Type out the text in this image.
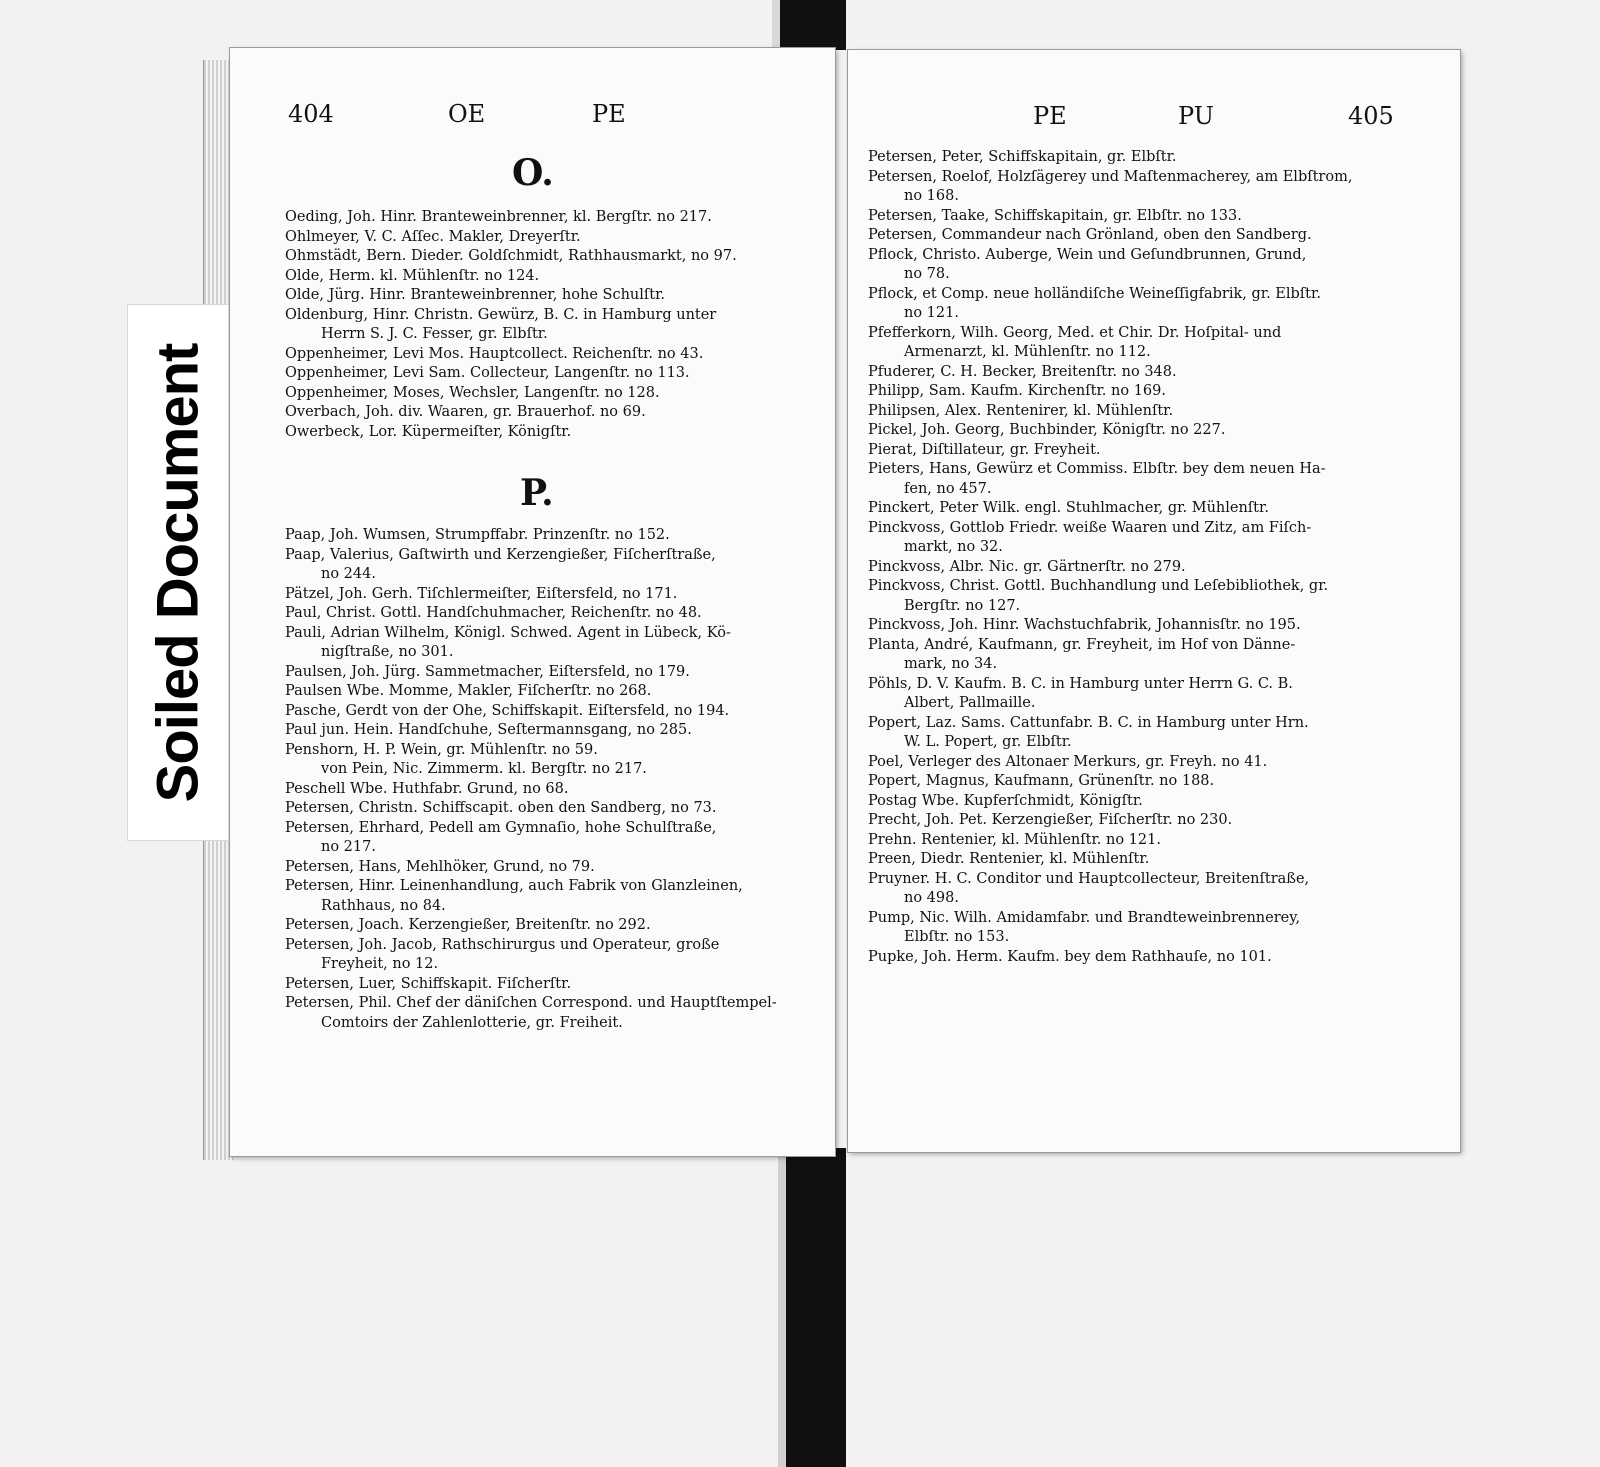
404	OE	PE
O.

Oeding, Joh. Hinr. Branteweinbrenner, kl. Bergſtr. no 217.

Ohlmeyer, V. C. Aſſec. Makler, Dreyerſtr.

Ohmstädt, Bern. Dieder. Goldſchmidt, Rathhausmarkt, no 97.

Olde, Herm. kl. Mühlenſtr. no 124.

Olde, Jürg. Hinr. Branteweinbrenner, hohe Schulſtr.

Oldenburg, Hinr. Christn. Gewürz, B. C. in Hamburg unter

Herrn S. J. C. Fesser, gr. Elbſtr.

Oppenheimer, Levi Mos. Hauptcollect. Reichenſtr. no 43.

Oppenheimer, Levi Sam. Collecteur, Langenſtr. no 113.

Oppenheimer, Moses, Wechsler, Langenſtr. no 128.

Overbach, Joh. div. Waaren, gr. Brauerhof. no 69.

Owerbeck, Lor. Küpermeiſter, Königſtr.

P.

Paap, Joh. Wumsen, Strumpffabr. Prinzenſtr. no 152.

Paap, Valerius, Gaſtwirth und Kerzengießer, Fiſcherſtraße,

no 244.

Pätzel, Joh. Gerh. Tiſchlermeiſter, Eiſtersfeld, no 171.

Paul, Christ. Gottl. Handſchuhmacher, Reichenſtr. no 48.

Pauli, Adrian Wilhelm, Königl. Schwed. Agent in Lübeck, Kö-

nigſtraße, no 301.

Paulsen, Joh. Jürg. Sammetmacher, Eiſtersfeld, no 179.

Paulsen Wbe. Momme, Makler, Fiſcherſtr. no 268.

Pasche, Gerdt von der Ohe, Schiffskapit. Eiſtersfeld, no 194.

Paul jun. Hein. Handſchuhe, Seſtermannsgang, no 285.

Penshorn, H. P. Wein, gr. Mühlenſtr. no 59.

von Pein, Nic. Zimmerm. kl. Bergſtr. no 217.

Peschell Wbe. Huthfabr. Grund, no 68.

Petersen, Christn. Schiffscapit. oben den Sandberg, no 73.

Petersen, Ehrhard, Pedell am Gymnaſio, hohe Schulſtraße,

no 217.

Petersen, Hans, Mehlhöker, Grund, no 79.

Petersen, Hinr. Leinenhandlung, auch Fabrik von Glanzleinen,

Rathhaus, no 84.

Petersen, Joach. Kerzengießer, Breitenſtr. no 292.

Petersen, Joh. Jacob, Rathschirurgus und Operateur, große

Freyheit, no 12.

Petersen, Luer, Schiffskapit. Fiſcherſtr.

Petersen, Phil. Chef der däniſchen Correspond. und Hauptſtempel-

Comtoirs der Zahlenlotterie, gr. Freiheit.

PE	PU	405

Petersen, Peter, Schiffskapitain, gr. Elbſtr.

Petersen, Roelof, Holzſägerey und Maſtenmacherey, am Elbſtrom,

no 168.

Petersen, Taake, Schiffskapitain, gr. Elbſtr. no 133.

Petersen, Commandeur nach Grönland, oben den Sandberg.

Pflock, Christo. Auberge, Wein und Geſundbrunnen, Grund,

no 78.

Pflock, et Comp. neue holländiſche Weineſſigfabrik, gr. Elbſtr.

no 121.

Pfefferkorn, Wilh. Georg, Med. et Chir. Dr. Hoſpital- und

Armenarzt, kl. Mühlenſtr. no 112.

Pfuderer, C. H. Becker, Breitenſtr. no 348.

Philipp, Sam. Kaufm. Kirchenſtr. no 169.

Philipsen, Alex. Rentenirer, kl. Mühlenſtr.

Pickel, Joh. Georg, Buchbinder, Königſtr. no 227.

Pierat, Diſtillateur, gr. Freyheit.

Pieters, Hans, Gewürz et Commiss. Elbſtr. bey dem neuen Ha-

fen, no 457.

Pinckert, Peter Wilk. engl. Stuhlmacher, gr. Mühlenſtr.

Pinckvoss, Gottlob Friedr. weiße Waaren und Zitz, am Fiſch-

markt, no 32.

Pinckvoss, Albr. Nic. gr. Gärtnerſtr. no 279.

Pinckvoss, Christ. Gottl. Buchhandlung und Leſebibliothek, gr.

Bergſtr. no 127.

Pinckvoss, Joh. Hinr. Wachstuchfabrik, Johannisſtr. no 195.

Planta, André, Kaufmann, gr. Freyheit, im Hof von Dänne-

mark, no 34.

Pöhls, D. V. Kaufm. B. C. in Hamburg unter Herrn G. C. B.

Albert, Pallmaille.

Popert, Laz. Sams. Cattunfabr. B. C. in Hamburg unter Hrn.

W. L. Popert, gr. Elbſtr.

Poel, Verleger des Altonaer Merkurs, gr. Freyh. no 41.

Popert, Magnus, Kaufmann, Grünenſtr. no 188.

Postag Wbe. Kupferſchmidt, Königſtr.

Precht, Joh. Pet. Kerzengießer, Fiſcherſtr. no 230.

Prehn. Rentenier, kl. Mühlenſtr. no 121.

Preen, Diedr. Rentenier, kl. Mühlenſtr.

Pruyner. H. C. Conditor und Hauptcollecteur, Breitenſtraße,

no 498.

Pump, Nic. Wilh. Amidamfabr. und Brandteweinbrennerey,

Elbſtr. no 153.

Pupke, Joh. Herm. Kaufm. bey dem Rathhauſe, no 101.

Soiled Document
